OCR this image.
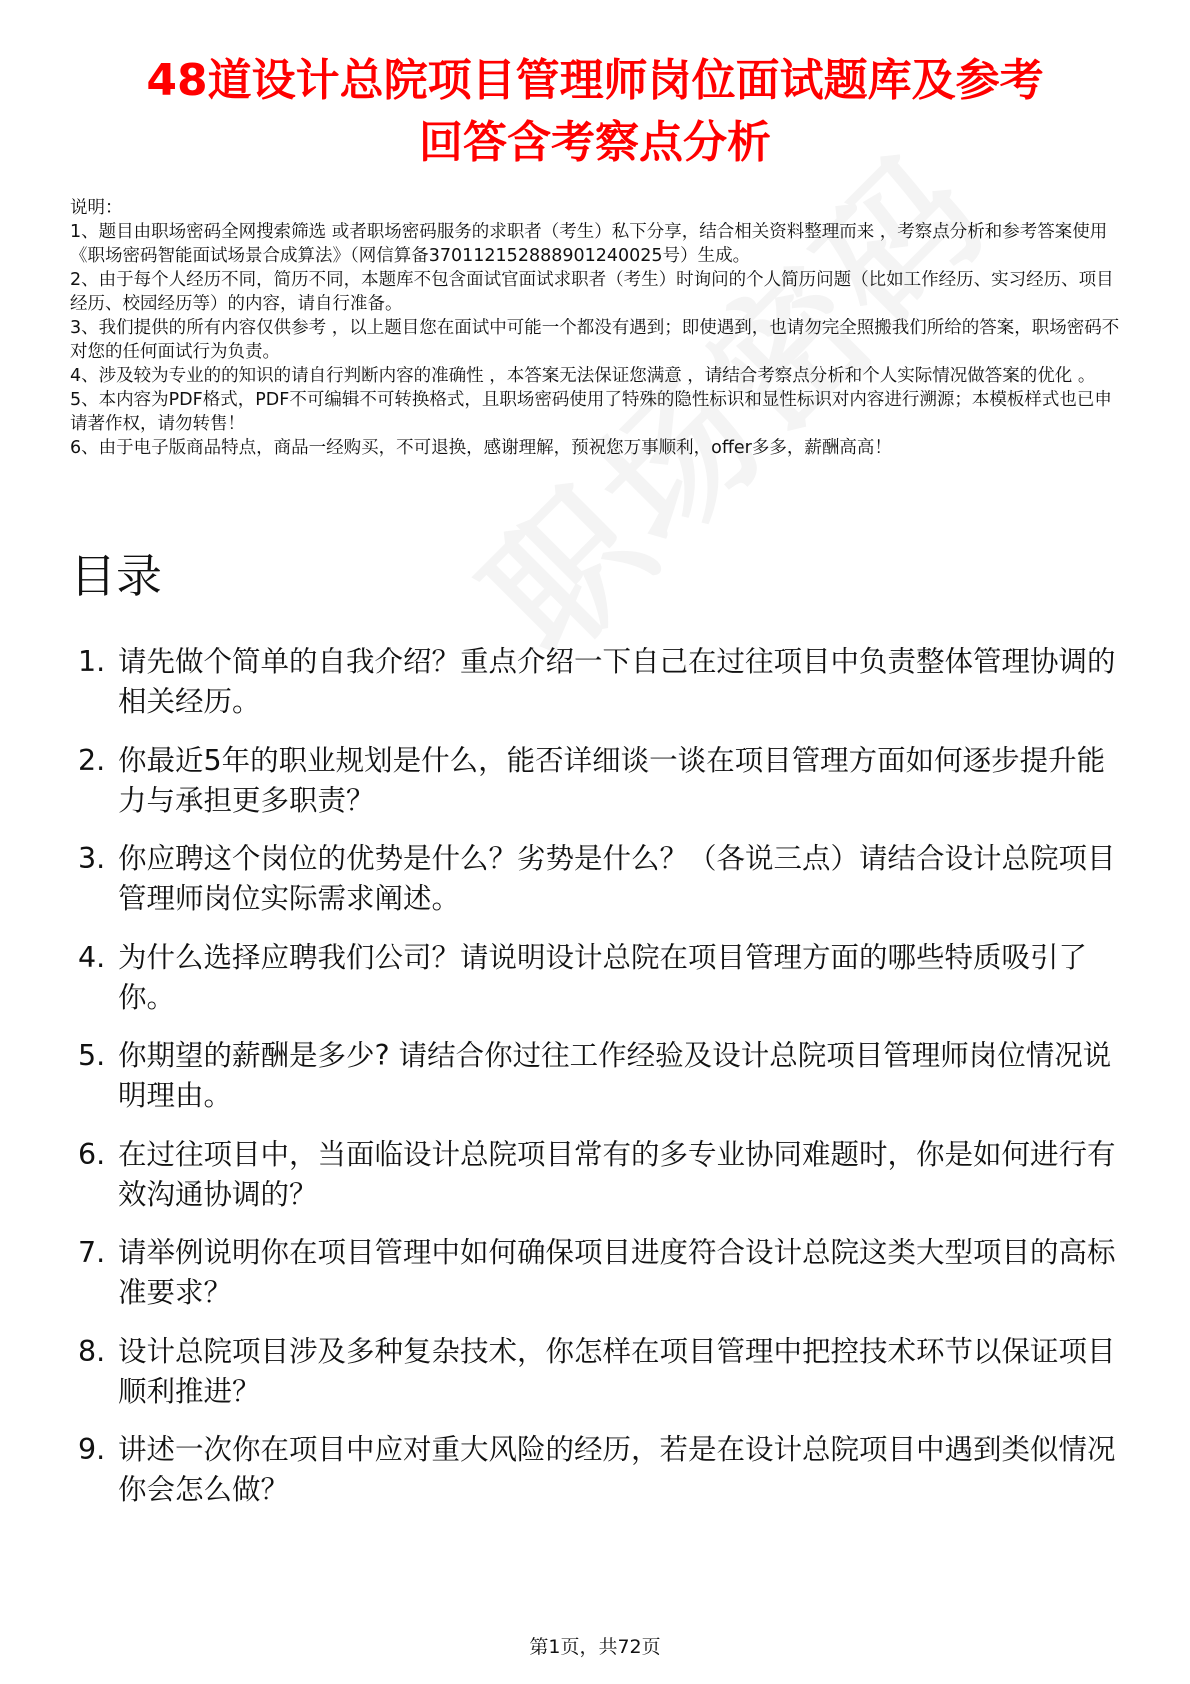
48道设计总院项目管理师岗位面试题库及参考
回答含考察点分析

说明：

1、题目由职场密码全网搜索筛选 或者职场密码服务的求职者（考生）私下分享，结合相关资料整理而来 ，考察点分析和参考答案使用《职场密码智能面试场景合成算法》（网信算备370112152888901240025号）生成。

2、由于每个人经历不同，简历不同，本题库不包含面试官面试求职者（考生）时询问的个人简历问题（比如工作经历、实习经历、项目经历、校园经历等）的内容，请自行准备。

3、我们提供的所有内容仅供参考 ，以上题目您在面试中可能一个都没有遇到；即使遇到，也请勿完全照搬我们所给的答案，职场密码不对您的任何面试行为负责。

4、涉及较为专业的的知识的请自行判断内容的准确性 ，本答案无法保证您满意 ，请结合考察点分析和个人实际情况做答案的优化 。

5、本内容为PDF格式，PDF不可编辑不可转换格式，且职场密码使用了特殊的隐性标识和显性标识对内容进行溯源；本模板样式也已申请著作权，请勿转售！

6、由于电子版商品特点，商品一经购买，不可退换，感谢理解，预祝您万事顺利，offer多多，薪酬高高！

目录
1. 请先做个简单的自我介绍？重点介绍一下自己在过往项目中负责整体管理协调的相关经历。
2. 你最近5年的职业规划是什么，能否详细谈一谈在项目管理方面如何逐步提升能力与承担更多职责？
3. 你应聘这个岗位的优势是什么？劣势是什么？（各说三点）请结合设计总院项目管理师岗位实际需求阐述。
4. 为什么选择应聘我们公司？请说明设计总院在项目管理方面的哪些特质吸引了你。
5. 你期望的薪酬是多少? 请结合你过往工作经验及设计总院项目管理师岗位情况说明理由。
6. 在过往项目中，当面临设计总院项目常有的多专业协同难题时，你是如何进行有效沟通协调的？
7. 请举例说明你在项目管理中如何确保项目进度符合设计总院这类大型项目的高标准要求？
8. 设计总院项目涉及多种复杂技术，你怎样在项目管理中把控技术环节以保证项目顺利推进？
9. 讲述一次你在项目中应对重大风险的经历，若是在设计总院项目中遇到类似情况你会怎么做？
第1页，共72页
